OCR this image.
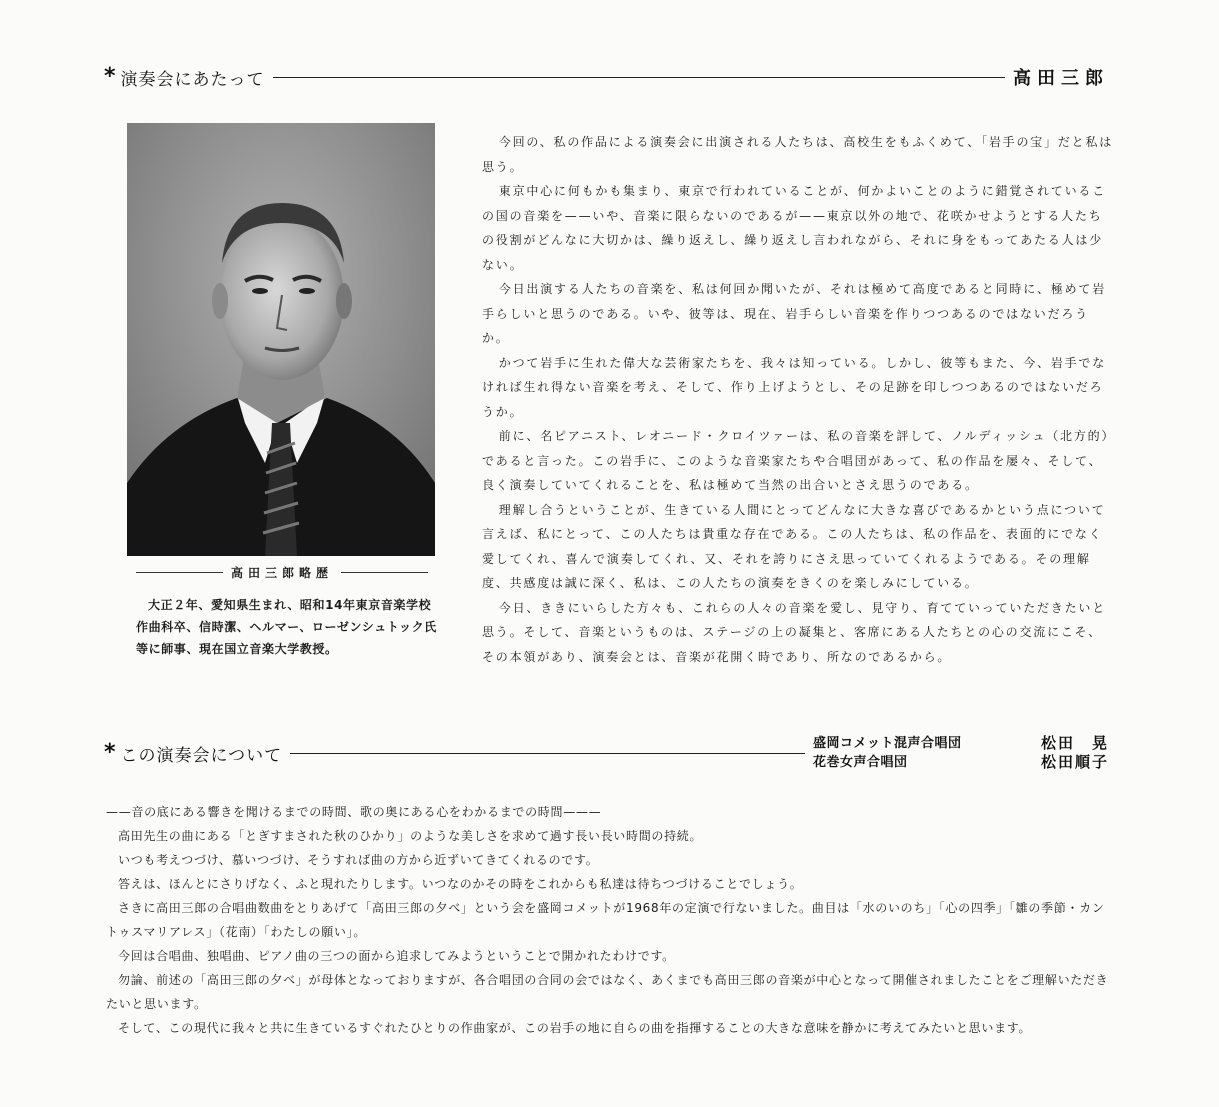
* 演奏会にあたって	高田三郎
高田三郎略歴

大正２年、愛知県生まれ、昭和14年東京音楽学校作曲科卒、信時潔、ヘルマー、ローゼンシュトック氏等に師事、現在国立音楽大学教授。

今回の、私の作品による演奏会に出演される人たちは、高校生をもふくめて、「岩手の宝」だと私は思う。

東京中心に何もかも集まり、東京で行われていることが、何かよいことのように錯覚されているこの国の音楽を——いや、音楽に限らないのであるが——東京以外の地で、花咲かせようとする人たちの役割がどんなに大切かは、繰り返えし、繰り返えし言われながら、それに身をもってあたる人は少ない。

今日出演する人たちの音楽を、私は何回か聞いたが、それは極めて高度であると同時に、極めて岩手らしいと思うのである。いや、彼等は、現在、岩手らしい音楽を作りつつあるのではないだろうか。

かつて岩手に生れた偉大な芸術家たちを、我々は知っている。しかし、彼等もまた、今、岩手でなければ生れ得ない音楽を考え、そして、作り上げようとし、その足跡を印しつつあるのではないだろうか。

前に、名ピアニスト、レオニード・クロイツァーは、私の音楽を評して、ノルディッシュ（北方的）であると言った。この岩手に、このような音楽家たちや合唱団があって、私の作品を屡々、そして、良く演奏していてくれることを、私は極めて当然の出合いとさえ思うのである。

理解し合うということが、生きている人間にとってどんなに大きな喜びであるかという点について言えば、私にとって、この人たちは貴重な存在である。この人たちは、私の作品を、表面的にでなく愛してくれ、喜んで演奏してくれ、又、それを誇りにさえ思っていてくれるようである。その理解度、共感度は誠に深く、私は、この人たちの演奏をきくのを楽しみにしている。

今日、ききにいらした方々も、これらの人々の音楽を愛し、見守り、育てていっていただきたいと思う。そして、音楽というものは、ステージの上の凝集と、客席にある人たちとの心の交流にこそ、その本領があり、演奏会とは、音楽が花開く時であり、所なのであるから。

* この演奏会について
盛岡コメット混声合唱団	松田　晃
花巻女声合唱団	松田順子

——音の底にある響きを聞けるまでの時間、歌の奥にある心をわかるまでの時間———

高田先生の曲にある「とぎすまされた秋のひかり」のような美しさを求めて過す長い長い時間の持続。

いつも考えつづけ、慕いつづけ、そうすれば曲の方から近ずいてきてくれるのです。

答えは、ほんとにさりげなく、ふと現れたりします。いつなのかその時をこれからも私達は待ちつづけることでしょう。

さきに高田三郎の合唱曲数曲をとりあげて「高田三郎の夕べ」という会を盛岡コメットが1968年の定演で行ないました。曲目は「水のいのち」「心の四季」「雛の季節・カントゥスマリアレス」（花南）「わたしの願い」。

今回は合唱曲、独唱曲、ピアノ曲の三つの面から追求してみようということで開かれたわけです。

勿論、前述の「高田三郎の夕べ」が母体となっておりますが、各合唱団の合同の会ではなく、あくまでも高田三郎の音楽が中心となって開催されましたことをご理解いただきたいと思います。

そして、この現代に我々と共に生きているすぐれたひとりの作曲家が、この岩手の地に自らの曲を指揮することの大きな意味を静かに考えてみたいと思います。
